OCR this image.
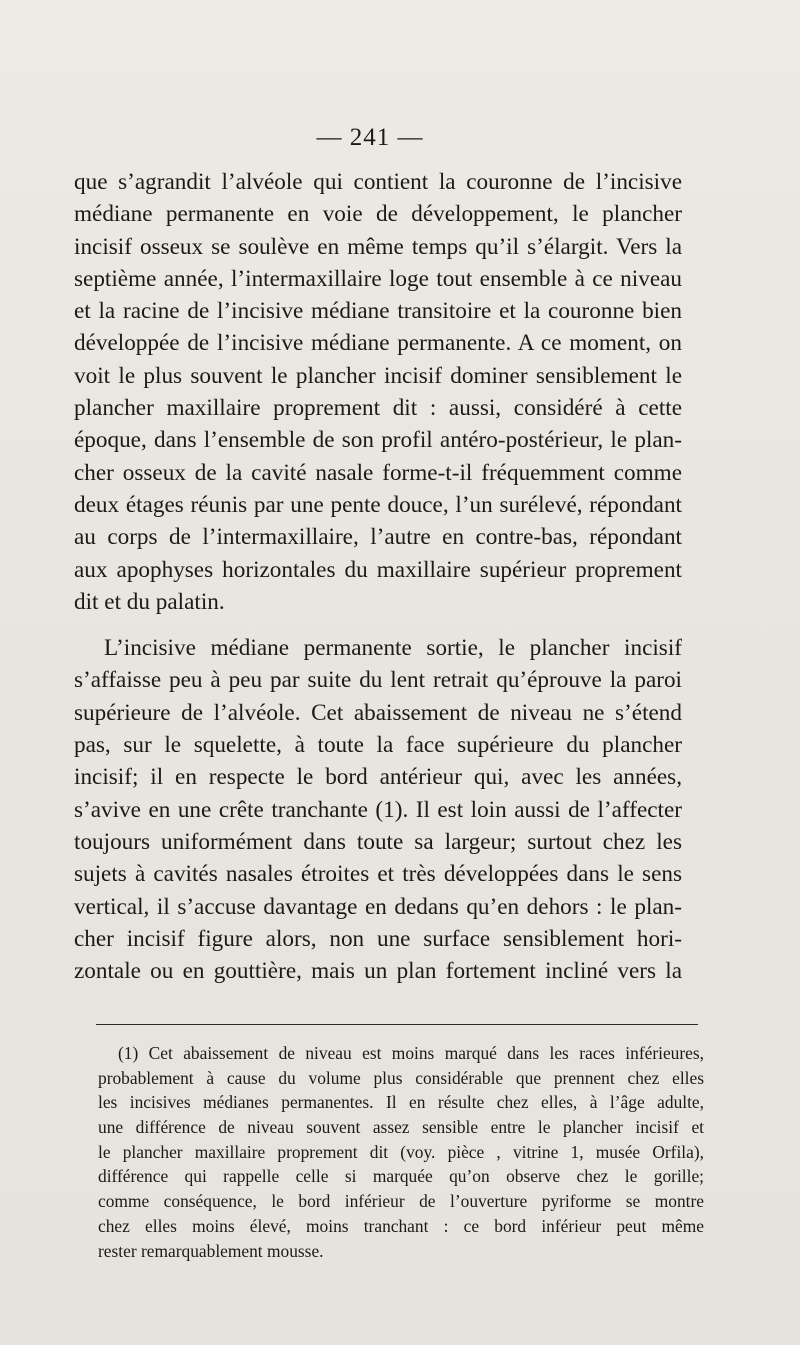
— 241 —
que s’agrandit l’alvéole qui contient la couronne de l’incisive
médiane permanente en voie de développement, le plancher
incisif osseux se soulève en même temps qu’il s’élargit. Vers la
septième année, l’intermaxillaire loge tout ensemble à ce niveau
et la racine de l’incisive médiane transitoire et la couronne bien
développée de l’incisive médiane permanente. A ce moment, on
voit le plus souvent le plancher incisif dominer sensiblement le
plancher maxillaire proprement dit : aussi, considéré à cette
époque, dans l’ensemble de son profil antéro-postérieur, le plan-
cher osseux de la cavité nasale forme-t-il fréquemment comme
deux étages réunis par une pente douce, l’un surélevé, répondant
au corps de l’intermaxillaire, l’autre en contre-bas, répondant
aux apophyses horizontales du maxillaire supérieur proprement
dit et du palatin.
L’incisive médiane permanente sortie, le plancher incisif
s’affaisse peu à peu par suite du lent retrait qu’éprouve la paroi
supérieure de l’alvéole. Cet abaissement de niveau ne s’étend
pas, sur le squelette, à toute la face supérieure du plancher
incisif; il en respecte le bord antérieur qui, avec les années,
s’avive en une crête tranchante (1). Il est loin aussi de l’affecter
toujours uniformément dans toute sa largeur; surtout chez les
sujets à cavités nasales étroites et très développées dans le sens
vertical, il s’accuse davantage en dedans qu’en dehors : le plan-
cher incisif figure alors, non une surface sensiblement hori-
zontale ou en gouttière, mais un plan fortement incliné vers la
(1) Cet abaissement de niveau est moins marqué dans les races inférieures,
probablement à cause du volume plus considérable que prennent chez elles
les incisives médianes permanentes. Il en résulte chez elles, à l’âge adulte,
une différence de niveau souvent assez sensible entre le plancher incisif et
le plancher maxillaire proprement dit (voy. pièce , vitrine 1, musée Orfila),
différence qui rappelle celle si marquée qu’on observe chez le gorille;
comme conséquence, le bord inférieur de l’ouverture pyriforme se montre
chez elles moins élevé, moins tranchant : ce bord inférieur peut même
rester remarquablement mousse.
